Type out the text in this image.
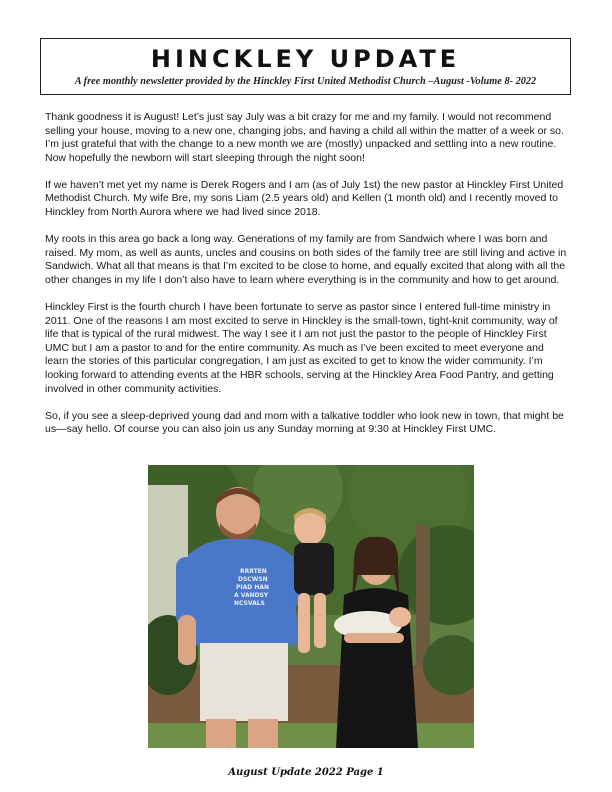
HINCKLEY UPDATE
A free monthly newsletter provided by the Hinckley First United Methodist Church –August -Volume 8- 2022

Thank goodness it is August! Let’s just say July was a bit crazy for me and my family. I would not recommend selling your house, moving to a new one, changing jobs, and having a child all within the matter of a week or so. I’m just grateful that with the change to a new month we are (mostly) unpacked and settling into a new routine. Now hopefully the newborn will start sleeping through the night soon!

If we haven’t met yet my name is Derek Rogers and I am (as of July 1st) the new pastor at Hinckley First United Methodist Church. My wife Bre, my sons Liam (2.5 years old) and Kellen (1 month old) and I recently moved to Hinckley from North Aurora where we had lived since 2018.

My roots in this area go back a long way. Generations of my family are from Sandwich where I was born and raised. My mom, as well as aunts, uncles and cousins on both sides of the family tree are still living and active in Sandwich. What all that means is that I’m excited to be close to home, and equally excited that along with all the other changes in my life I don’t also have to learn where everything is in the community and how to get around.

Hinckley First is the fourth church I have been fortunate to serve as pastor since I entered full-time ministry in 2011. One of the reasons I am most excited to serve in Hinckley is the small-town, tight-knit community, way of life that is typical of the rural midwest. The way I see it I am not just the pastor to the people of Hinckley First UMC but I am a pastor to and for the entire community. As much as I’ve been excited to meet everyone and learn the stories of this particular congregation, I am just as excited to get to know the wider community. I’m looking forward to attending events at the HBR schools, serving at the Hinckley Area Food Pantry, and getting involved in other community activities.

So, if you see a sleep-deprived young dad and mom with a talkative toddler who look new in town, that might be us—say hello. Of course you can also join us any Sunday morning at 9:30 at Hinckley First UMC.

RRRTEN
DSCWSN
PIAD HAN
A VANDSY
NCSVALS
August Update 2022 Page 1
